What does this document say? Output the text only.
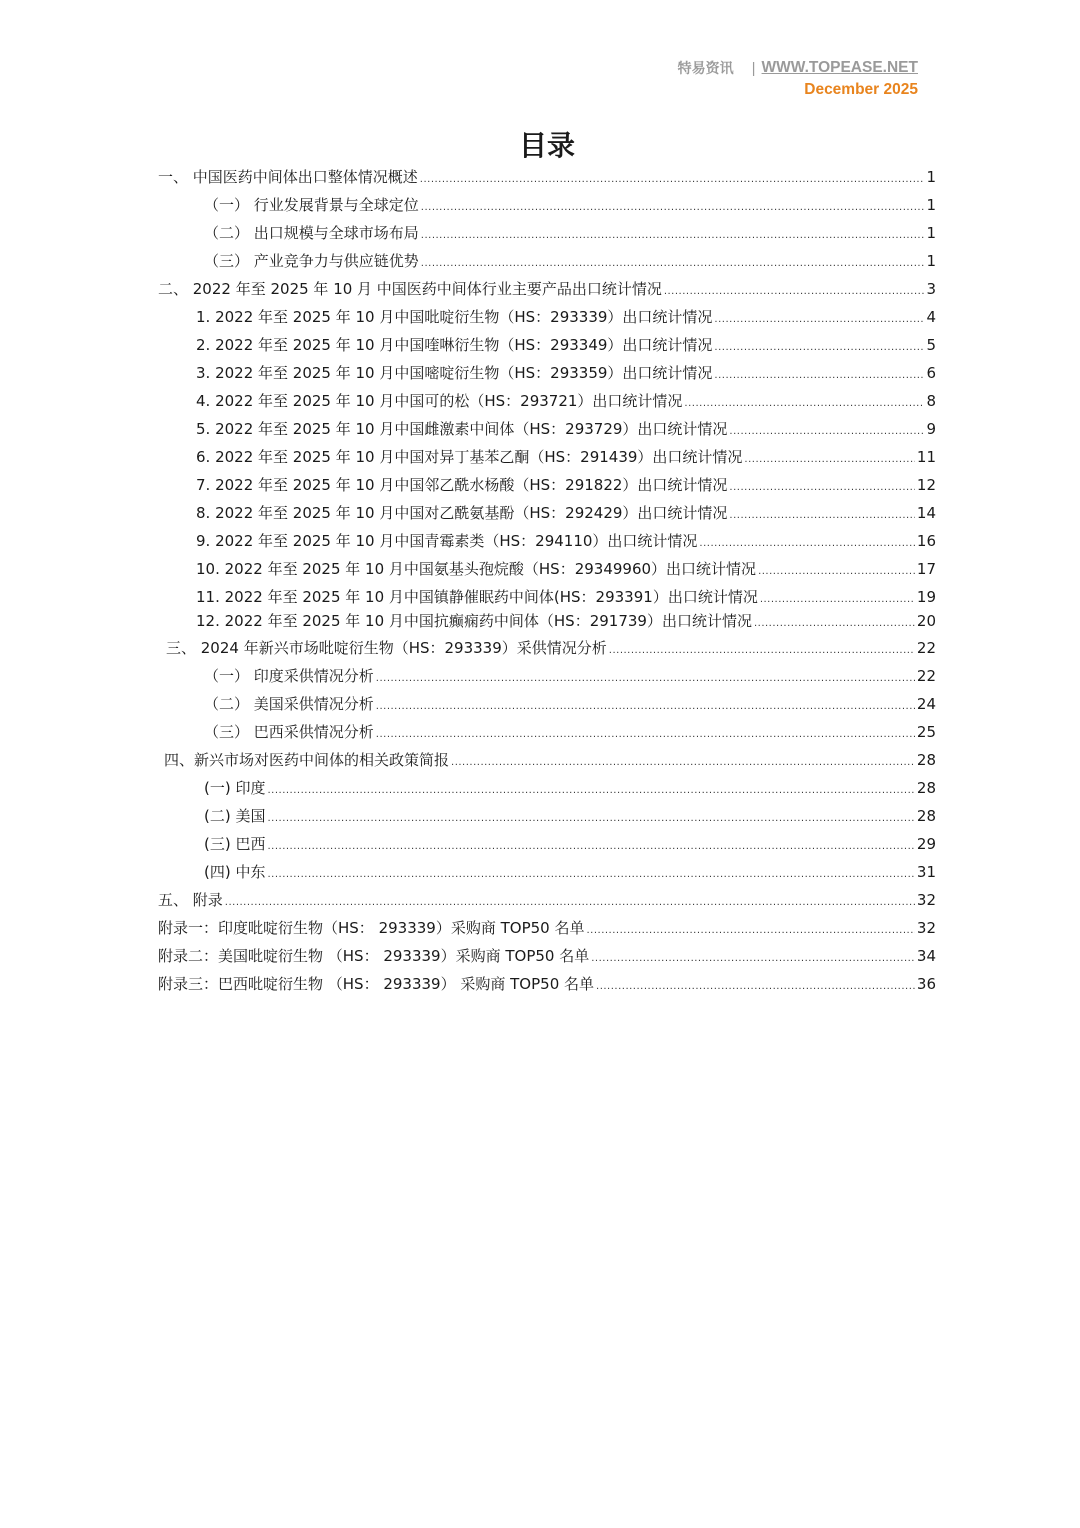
特易资讯 | WWW.TOPEASE.NET
December 2025
目录
一、 中国医药中间体出口整体情况概述 .....	1
（一） 行业发展背景与全球定位 .....	1
（二） 出口规模与全球市场布局 .....	1
（三） 产业竞争力与供应链优势 .....	1
二、 2022 年至 2025 年 10 月 中国医药中间体行业主要产品出口统计情况 .....	3
1. 2022 年至 2025 年 10 月中国吡啶衍生物（HS：293339）出口统计情况 .....	4
2. 2022 年至 2025 年 10 月中国喹啉衍生物（HS：293349）出口统计情况 .....	5
3. 2022 年至 2025 年 10 月中国嘧啶衍生物（HS：293359）出口统计情况 .....	6
4. 2022 年至 2025 年 10 月中国可的松（HS：293721）出口统计情况 .....	8
5. 2022 年至 2025 年 10 月中国雌激素中间体（HS：293729）出口统计情况 .....	9
6. 2022 年至 2025 年 10 月中国对异丁基苯乙酮（HS：291439）出口统计情况 .....	11
7. 2022 年至 2025 年 10 月中国邻乙酰水杨酸（HS：291822）出口统计情况 .....	12
8. 2022 年至 2025 年 10 月中国对乙酰氨基酚（HS：292429）出口统计情况 .....	14
9. 2022 年至 2025 年 10 月中国青霉素类（HS：294110）出口统计情况 .....	16
10. 2022 年至 2025 年 10 月中国氨基头孢烷酸（HS：29349960）出口统计情况 .....	17
11. 2022 年至 2025 年 10 月中国镇静催眠药中间体(HS：293391）出口统计情况 .....	19
12. 2022 年至 2025 年 10 月中国抗癫痫药中间体（HS：291739）出口统计情况 .....	20
三、 2024 年新兴市场吡啶衍生物（HS：293339）采供情况分析 .....	22
（一） 印度采供情况分析 .....	22
（二） 美国采供情况分析 .....	24
（三） 巴西采供情况分析 .....	25
四、新兴市场对医药中间体的相关政策简报 .....	28
(一) 印度 .....	28
(二) 美国 .....	28
(三) 巴西 .....	29
(四) 中东 .....	31
五、 附录 .....	32
附录一：印度吡啶衍生物（HS： 293339）采购商 TOP50 名单 .....	32
附录二：美国吡啶衍生物 （HS： 293339）采购商 TOP50 名单 .....	34
附录三：巴西吡啶衍生物 （HS： 293339） 采购商 TOP50 名单 .....	36
